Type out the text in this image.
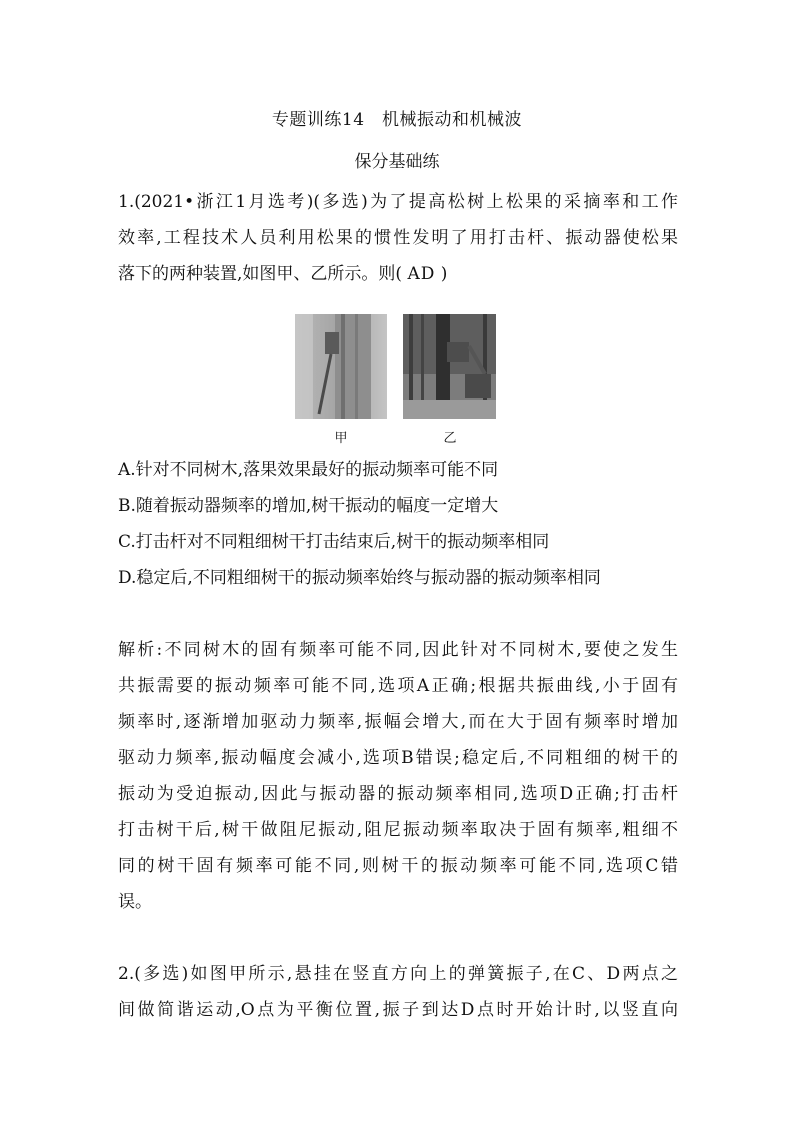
专题训练14　机械振动和机械波
保分基础练
1.(2021•浙江1月选考)(多选)为了提高松树上松果的采摘率和工作
效率,工程技术人员利用松果的惯性发明了用打击杆、振动器使松果
落下的两种装置,如图甲、乙所示。则( AD )
甲	乙
A.针对不同树木,落果效果最好的振动频率可能不同
B.随着振动器频率的增加,树干振动的幅度一定增大
C.打击杆对不同粗细树干打击结束后,树干的振动频率相同
D.稳定后,不同粗细树干的振动频率始终与振动器的振动频率相同
解析:不同树木的固有频率可能不同,因此针对不同树木,要使之发生
共振需要的振动频率可能不同,选项A正确;根据共振曲线,小于固有
频率时,逐渐增加驱动力频率,振幅会增大,而在大于固有频率时增加
驱动力频率,振动幅度会减小,选项B错误;稳定后,不同粗细的树干的
振动为受迫振动,因此与振动器的振动频率相同,选项D正确;打击杆
打击树干后,树干做阻尼振动,阻尼振动频率取决于固有频率,粗细不
同的树干固有频率可能不同,则树干的振动频率可能不同,选项C错
误。
2.(多选)如图甲所示,悬挂在竖直方向上的弹簧振子,在C、D两点之
间做简谐运动,O点为平衡位置,振子到达D点时开始计时,以竖直向
